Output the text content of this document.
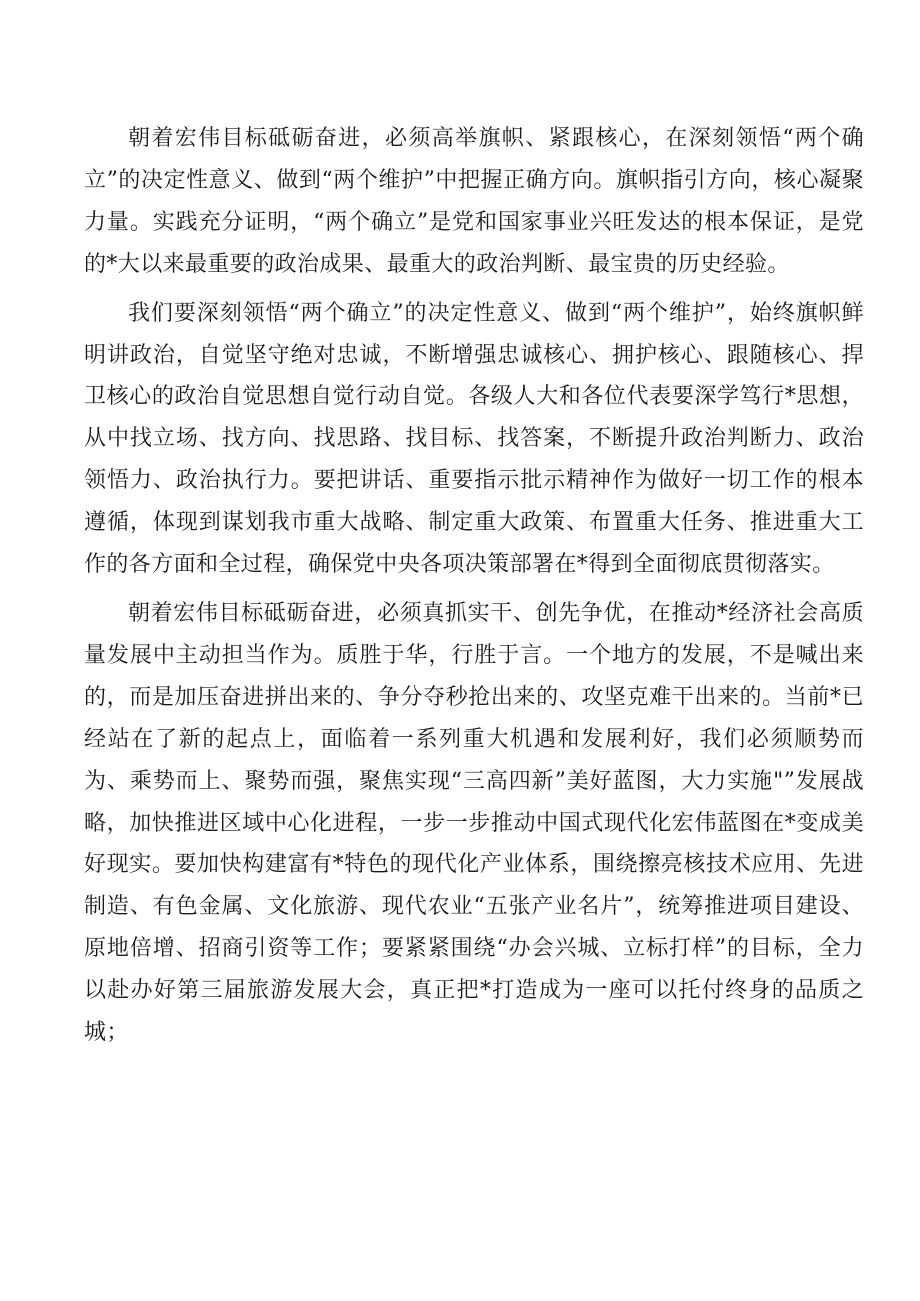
朝着宏伟目标砥砺奋进，必须高举旗帜、紧跟核心，在深刻领悟“两个确立”的决定性意义、做到“两个维护”中把握正确方向。旗帜指引方向，核心凝聚力量。实践充分证明，“两个确立”是党和国家事业兴旺发达的根本保证，是党的*大以来最重要的政治成果、最重大的政治判断、最宝贵的历史经验。

我们要深刻领悟“两个确立”的决定性意义、做到“两个维护”，始终旗帜鲜明讲政治，自觉坚守绝对忠诚，不断增强忠诚核心、拥护核心、跟随核心、捍卫核心的政治自觉思想自觉行动自觉。各级人大和各位代表要深学笃行*思想，从中找立场、找方向、找思路、找目标、找答案，不断提升政治判断力、政治领悟力、政治执行力。要把讲话、重要指示批示精神作为做好一切工作的根本遵循，体现到谋划我市重大战略、制定重大政策、布置重大任务、推进重大工作的各方面和全过程，确保党中央各项决策部署在*得到全面彻底贯彻落实。

朝着宏伟目标砥砺奋进，必须真抓实干、创先争优，在推动*经济社会高质量发展中主动担当作为。质胜于华，行胜于言。一个地方的发展，不是喊出来的，而是加压奋进拼出来的、争分夺秒抢出来的、攻坚克难干出来的。当前*已经站在了新的起点上，面临着一系列重大机遇和发展利好，我们必须顺势而为、乘势而上、聚势而强，聚焦实现“三高四新”美好蓝图，大力实施"”发展战略，加快推进区域中心化进程，一步一步推动中国式现代化宏伟蓝图在*变成美好现实。要加快构建富有*特色的现代化产业体系，围绕擦亮核技术应用、先进制造、有色金属、文化旅游、现代农业“五张产业名片”，统筹推进项目建设、原地倍增、招商引资等工作；要紧紧围绕“办会兴城、立标打样”的目标，全力以赴办好第三届旅游发展大会，真正把*打造成为一座可以托付终身的品质之城；
